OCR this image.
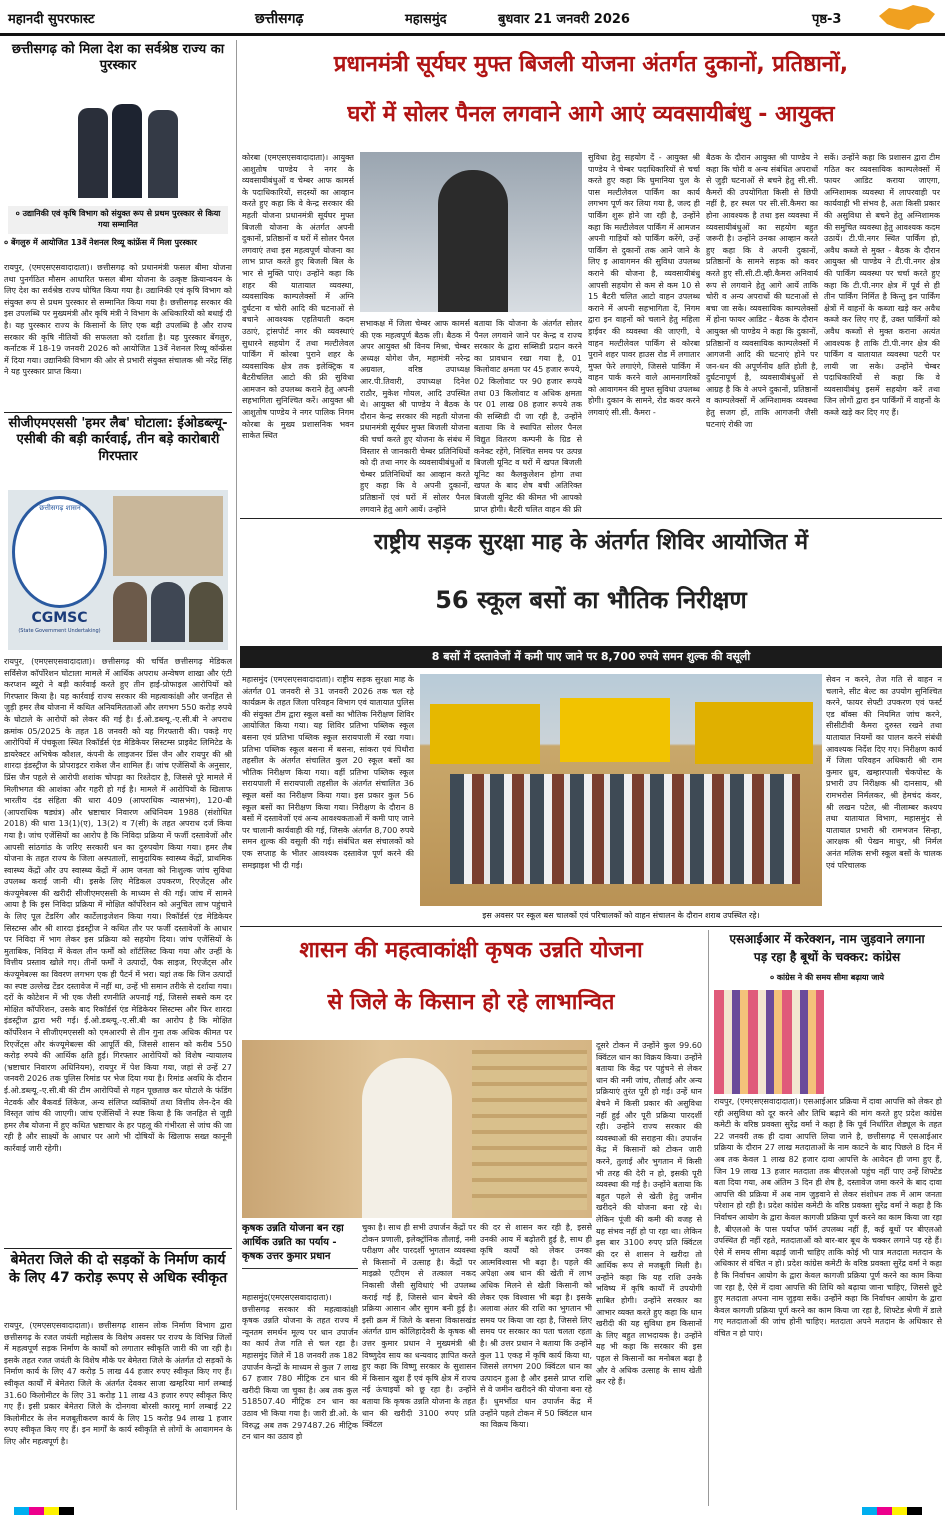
महानदी सुपरफास्ट	छत्तीसगढ़	महासमुंद	बुधवार 21 जनवरी 2026	पृष्ठ-3
छत्तीसगढ़ को मिला देश का सर्वश्रेष्ठ राज्य का पुरस्कार
० उद्यानिकी एवं कृषि विभाग को संयुक्त रूप से प्रथम पुरस्कार से किया गया सम्मानित
० बेंगलुरु में आयोजित 13वें नेशनल रिव्यू कांफ्रेंस में मिला पुरस्कार
रायपुर, (एमएसएसवादादाता)। छत्तीसगढ़ को प्रधानमंत्री फसल बीमा योजना तथा पुनर्गठित मौसम आधारित फसल बीमा योजना के उत्कृष्ट क्रियान्वयन के लिए देश का सर्वश्रेष्ठ राज्य घोषित किया गया है। उद्यानिकी एवं कृषि विभाग को संयुक्त रूप से प्रथम पुरस्कार से सम्मानित किया गया है। छत्तीसगढ़ सरकार की इस उपलब्धि पर मुख्यमंत्री और कृषि मंत्री ने विभाग के अधिकारियों को बधाई दी है। यह पुरस्कार राज्य के किसानों के लिए एक बड़ी उपलब्धि है और राज्य सरकार की कृषि नीतियों की सफलता को दर्शाता है। यह पुरस्कार बेंगलुरु, कर्नाटक में 18-19 जनवरी 2026 को आयोजित 13वें नेशनल रिव्यू कॉन्फ्रेंस में दिया गया। उद्यानिकी विभाग की ओर से प्रभारी संयुक्त संचालक श्री नरेंद्र सिंह ने यह पुरस्कार प्राप्त किया।
सीजीएमएससी 'हमर लैब' घोटाला: ईओडब्ल्यू-एसीबी की बड़ी कार्रवाई, तीन बड़े कारोबारी गिरफ्तार
छत्तीसगढ़ शासन
CGMSC
(State Government Undertaking)
रायपुर, (एमएसएसवादादाता)। छत्तीसगढ़ की चर्चित छत्तीसगढ़ मेडिकल सर्विसेज कॉर्पोरेशन घोटाला मामले में आर्थिक अपराध अन्वेषण शाखा और एंटी करप्शन ब्यूरो ने बड़ी कार्रवाई करते हुए तीन हाई-प्रोफाइल आरोपियों को गिरफ्तार किया है। यह कार्रवाई राज्य सरकार की महत्वाकांक्षी और जनहित से जुड़ी हमर लैब योजना में कथित अनियमितताओं और लगभग 550 करोड़ रुपये के घोटाले के आरोपों को लेकर की गई है। ई.ओ.डब्ल्यू.-ए.सी.बी ने अपराध क्रमांक 05/2025 के तहत 18 जनवरी को यह गिरफ्तारी की। पकड़े गए आरोपियों में पंचकूला स्थित रिकॉर्डर्स एंड मेडिकेयर सिस्टम्स प्राइवेट लिमिटेड के डायरेक्टर अभिषेक कौशल, कंपनी के लाइजनर प्रिंस जैन और रायपुर की श्री शारदा इंडस्ट्रीज के प्रोपराइटर राकेश जैन शामिल हैं। जांच एजेंसियों के अनुसार, प्रिंस जैन पहले से आरोपी शशांक चोपड़ा का रिश्तेदार है, जिससे पूरे मामले में मिलीभगत की आशंका और गहरी हो गई है। मामले में आरोपियों के खिलाफ भारतीय दंड संहिता की धारा 409 (आपराधिक न्यासभंग), 120-बी (आपराधिक षड्यंत्र) और भ्रष्टाचार निवारण अधिनियम 1988 (संशोधित 2018) की धारा 13(1)(ए), 13(2) व 7(सी) के तहत अपराध दर्ज किया गया है। जांच एजेंसियों का आरोप है कि निविदा प्रक्रिया में फर्जी दस्तावेजों और आपसी सांठगांठ के जरिए सरकारी धन का दुरुपयोग किया गया। हमर लैब योजना के तहत राज्य के जिला अस्पतालों, सामुदायिक स्वास्थ्य केंद्रों, प्राथमिक स्वास्थ्य केंद्रों और उप स्वास्थ्य केंद्रों में आम जनता को निःशुल्क जांच सुविधा उपलब्ध कराई जानी थी। इसके लिए मेडिकल उपकरण, रिएजेंट्स और कंज्यूमेबल्स की खरीदी सीजीएमएससी के माध्यम से की गई। जांच में सामने आया है कि इस निविदा प्रक्रिया में मोक्षित कॉर्पोरेशन को अनुचित लाभ पहुंचाने के लिए पूल टेंडरिंग और कार्टेलाइजेशन किया गया। रिकॉर्डर्स एंड मेडिकेयर सिस्टम्स और श्री शारदा इंडस्ट्रीज ने कथित तौर पर फर्जी दस्तावेजों के आधार पर निविदा में भाग लेकर इस प्रक्रिया को सहयोग दिया। जांच एजेंसियों के मुताबिक, निविदा में केवल तीन फर्मों को शॉर्टलिस्ट किया गया और उन्हीं के वित्तीय प्रस्ताव खोले गए। तीनों फर्मों ने उत्पादों, पैक साइज, रिएजेंट्स और कंज्यूमेबल्स का विवरण लगभग एक ही पैटर्न में भरा। यहां तक कि जिन उत्पादों का स्पष्ट उल्लेख टेंडर दस्तावेज में नहीं था, उन्हें भी समान तरीके से दर्शाया गया। दरों के कोटेशन में भी एक जैसी रणनीति अपनाई गई, जिससे सबसे कम दर मोक्षित कॉर्पोरेशन, उसके बाद रिकॉर्डर्स एंड मेडिकेयर सिस्टम्स और फिर शारदा इंडस्ट्रीज द्वारा भरी गई। ई.ओ.डब्ल्यू.-ए.सी.बी का आरोप है कि मोक्षित कॉर्पोरेशन ने सीजीएमएससी को एमआरपी से तीन गुना तक अधिक कीमत पर रिएजेंट्स और कंज्यूमेबल्स की आपूर्ति की, जिससे शासन को करीब 550 करोड़ रुपये की आर्थिक क्षति हुई। गिरफ्तार आरोपियों को विशेष न्यायालय (भ्रष्टाचार निवारण अधिनियम), रायपुर में पेश किया गया, जहां से उन्हें 27 जनवरी 2026 तक पुलिस रिमांड पर भेज दिया गया है। रिमांड अवधि के दौरान ई.ओ.डब्ल्यू.-ए.सी.बी की टीम आरोपियों से गहन पूछताछ कर घोटाले के फंडिंग नेटवर्क और बैकवर्ड लिंकेज, अन्य संलिप्त व्यक्तियों तथा वित्तीय लेन-देन की विस्तृत जांच की जाएगी। जांच एजेंसियों ने स्पष्ट किया है कि जनहित से जुड़ी हमर लैब योजना में हुए कथित भ्रष्टाचार के हर पहलू की गंभीरता से जांच की जा रही है और साक्ष्यों के आधार पर आगे भी दोषियों के खिलाफ सख्त कानूनी कार्रवाई जारी रहेगी।
बेमेतरा जिले की दो सड़कों के निर्माण कार्य के लिए 47 करोड़ रूपए से अधिक स्वीकृत
रायपुर, (एमएसएसवादादाता)। छत्तीसगढ़ शासन लोक निर्माण विभाग द्वारा छत्तीसगढ़ के रजत जयंती महोत्सव के विशेष अवसर पर राज्य के विभिन्न जिलों में महत्वपूर्ण सड़क निर्माण के कार्यों को लगातार स्वीकृति जारी की जा रही है। इसके तहत रजत जयंती के विशेष मौके पर बेमेतरा जिले के अंतर्गत दो सड़कों के निर्माण कार्य के लिए 47 करोड़ 5 लाख 44 हजार रुपए स्वीकृत किए गए हैं। स्वीकृत कार्यों में बेमेतरा जिले के अंतर्गत देवकर साजा खम्हरिया मार्ग लम्बाई 31.60 किलोमीटर के लिए 31 करोड़ 11 लाख 43 हजार रुपए स्वीकृत किए गए हैं। इसी प्रकार बेमेतरा जिले के दोनगवा बोरसी कारमू मार्ग लम्बाई 22 किलोमीटर के लेन मजबूतीकरण कार्य के लिए 15 करोड़ 94 लाख 1 हजार रुपए स्वीकृत किए गए हैं। इन मार्गों के कार्य स्वीकृति से लोगों के आवागमन के लिए और महत्वपूर्ण है।
प्रधानमंत्री सूर्यघर मुफ्त बिजली योजना अंतर्गत दुकानों, प्रतिष्ठानों,
घरों में सोलर पैनल लगवाने आगे आएं व्यवसायीबंधु - आयुक्त
कोरबा (एमएसएसवादादाता)। आयुक्त आशुतोष पाण्डेय ने नगर के व्यवसायीबंधुओं व चेम्बर आफ कामर्स के पदाधिकारियों, सदस्यों का आव्हान करते हुए कहा कि वे केन्द्र सरकार की महती योजना प्रधानमंत्री सूर्यघर मुफ्त बिजली योजना के अंतर्गत अपनी दुकानों, प्रतिष्ठानों व घरों में सोलर पैनल लगवाएं तथा इस महत्वपूर्ण योजना का लाभ प्राप्त करते हुए बिजली बिल के भार से मुक्ति पाएं। उन्होंने कहा कि शहर की यातायात व्यवस्था, व्यवसायिक काम्पलेक्सों में अग्नि दुर्घटना व चोरी आदि की घटनाओं से बचाने आवश्यक एहतियाती कदम उठाएं, ट्रांसपोर्ट नगर की व्यवस्थाएं सुधारने सहयोग दें तथा मल्टीलेवल पार्किंग में कोरबा पुराने शहर के व्यवसायिक क्षेत्र तक इलेक्ट्रिक व बैटरीचलित आटो की फ्री सुविधा आमजन को उपलब्ध कराने हेतु अपनी सहभागिता सुनिश्चित करें। आयुक्त श्री आशुतोष पाण्डेय ने नगर पालिक निगम कोरबा के मुख्य प्रशासनिक भवन साकेत स्थित
सभाकक्ष में जिला चेम्बर आफ कामर्स की एक महत्वपूर्ण बैठक ली। बैठक में अपर आयुक्त श्री विनय मिश्रा, चेम्बर अध्यक्ष योगेश जैन, महामंत्री नरेन्द्र अग्रवाल, वरिष्ठ उपाध्यक्ष आर.पी.तिवारी, उपाध्यक्ष दिनेश राठौर, मुकेश गोयल, आदि उपस्थित थे। आयुक्त श्री पाण्डेय ने बैठक के दौरान केन्द्र सरकार की महती योजना प्रधानमंत्री सूर्यघर मुफ्त बिजली योजना की चर्चा करते हुए योजना के संबंध में विस्तार से जानकारी चेम्बर प्रतिनिधियों को दी तथा नगर के व्यवसायीबंधुओं व चेम्बर प्रतिनिधियों का आव्हान करते हुए कहा कि वे अपनी दुकानों, प्रतिष्ठानों एवं घरों में सोलर पैनल लगवाने हेतु आगे आयें। उन्होंने
बताया कि योजना के अंतर्गत सोलर पैनल लगवाने जाने पर केन्द्र व राज्य सरकार के द्वारा सब्सिडी प्रदान करने का प्रावधान रखा गया है, 01 किलोवाट क्षमता पर 45 हजार रूपये, 02 किलोवाट पर 90 हजार रूपये तथा 03 किलोवाट व अधिक क्षमता पर 01 लाख 08 हजार रूपये तक की सब्सिडी दी जा रही है, उन्होंने बताया कि वे स्थापित सोलर पैनल विद्युत वितरण कम्पनी के ग्रिड से कनेक्ट रहेंगे, निश्चित समय पर उत्पन्न बिजली यूनिट व घरों में खपत बिजली यूनिट का कैलकुलेशन होगा तथा खपत के बाद शेष बची अतिरिक्त बिजली यूनिट की कीमत भी आपको प्राप्त होगी। बैटरी चलित वाहन की फ्री
सुविधा हेतु सहयोग दें - आयुक्त श्री पाण्डेय ने चेम्बर पदाधिकारियों से चर्चा करते हुए कहा कि घुमानिया पुल के पास मल्टीलेवल पार्किंग का कार्य लगभग पूर्ण कर लिया गया है, जल्द ही पार्किंग शुरू होने जा रही है, उन्होंने कहा कि मल्टीलेवल पार्किंग में आमजन अपनी गाड़ियों को पार्किंग करेंगे, उन्हें पार्किंग से दुकानों तक आने जाने के लिए इ आवागमन की सुविधा उपलब्ध कराने की योजना है, व्यवसायीबंधु आपसी सहयोग से कम से कम 10 से 15 बैटरी चलित आटो वाहन उपलब्ध कराने में अपनी सहभागिता दें, निगम द्वारा इन वाहनों को चलाने हेतु महिला ड्राईवर की व्यवस्था की जाएगी, ये वाहन मल्टीलेवल पार्किंग से कोरबा पुराने शहर पावर हाउस रोड में लगातार मुफ्त फेरे लगाएंगे, जिससे पार्किंग में वाहन पार्क करने वाले आमनागरिकों को आवागमन की मुफ्त सुविधा उपलब्ध होगी। दुकान के सामने, रोड कवर करने लगवाएं सी.सी. कैमरा -
बैठक के दौरान आयुक्त श्री पाण्डेय ने कहा कि चोरी व अन्य संबंधित अपराधों से जुड़ी घटनाओं से बचने हेतु सी.सी. कैमरों की उपयोगिता किसी से छिपी नहीं है, हर स्थल पर सी.सी.कैमरा का होना आवश्यक है तथा इस व्यवस्था में व्यवसायीबंधुओं का सहयोग बहुत जरूरी है। उन्होंने उनका आव्हान करते हुए कहा कि वे अपनी दुकानों, प्रतिष्ठानों के सामने सड़क को कवर करते हुए सी.सी.टी.व्ही.कैमरा अनिवार्य रूप से लगवाने हेतु आगे आयें ताकि चोरी व अन्य अपराधों की घटनाओं से बचा जा सके। व्यवसायिक काम्पलेक्सों में होना फायर आडिट - बैठक के दौरान आयुक्त श्री पाण्डेय ने कहा कि दुकानों, प्रतिष्ठानों व व्यवसायिक काम्पलेक्सों में आगजनी आदि की घटनाएं होने पर जन-धन की अपूर्णनीय क्षति होती है, दुर्घटनापूर्ण है, व्यवसायीबंधुओं से आग्रह है कि वे अपने दुकानों, प्रतिष्ठानों व काम्पलेक्सों में अग्निशामक व्यवस्था हेतु सजग हों, ताकि आगजनी जैसी घटनाएं रोकी जा
सकें। उन्होंने कहा कि प्रशासन द्वारा टीम गठित कर व्यवसायिक काम्पलेक्सों में फायर आडिट कराया जाएगा, अग्निशामक व्यवस्था में लापरवाही पर कार्यवाही भी संभव है, अतः किसी प्रकार की असुविधा से बचने हेतु अग्निशामक की समुचित व्यवस्था हेतु आवश्यक कदम उठायें। टी.पी.नगर स्थित पार्किंग हो, अवैध कब्जे से मुक्त - बैठक के दौरान आयुक्त श्री पाण्डेय ने टी.पी.नगर क्षेत्र की पार्किंग व्यवस्था पर चर्चा करते हुए कहा कि टी.पी.नगर क्षेत्र में पूर्व से ही तीन पार्किंग निर्मित है किन्तु इन पार्किंग क्षेत्रों में वाहनों के कब्जा खड़े कर अवैध कब्जे कर लिए गए हैं, उक्त पार्किंगों को अवैध कब्जों से मुक्त कराना अत्यंत आवश्यक है ताकि टी.पी.नगर क्षेत्र की पार्किंग व यातायात व्यवस्था पटरी पर लायी जा सके। उन्होंने चेम्बर पदाधिकारियों से कहा कि वे व्यवसायीबंधु इसमें सहयोग करें तथा जिन लोगों द्वारा इन पार्किंगों में वाहनों के कब्जे खड़े कर दिए गए हैं।
राष्ट्रीय सड़क सुरक्षा माह के अंतर्गत शिविर आयोजित में
56 स्कूल बसों का भौतिक निरीक्षण
8 बसों में दस्तावेजों में कमी पाए जाने पर 8,700 रुपये समन शुल्क की वसूली
महासमुंद (एमएसएसवादादाता)। राष्ट्रीय सड़क सुरक्षा माह के अंतर्गत 01 जनवरी से 31 जनवरी 2026 तक चल रहे कार्यक्रम के तहत जिला परिवहन विभाग एवं यातायात पुलिस की संयुक्त टीम द्वारा स्कूल बसों का भौतिक निरीक्षण शिविर आयोजित किया गया। यह शिविर प्रतिभा पब्लिक स्कूल बसना एवं प्रतिभा पब्लिक स्कूल सरायपाली में रखा गया। प्रतिभा पब्लिक स्कूल बसना में बसना, सांकरा एवं पिथौरा तहसील के अंतर्गत संचालित कुल 20 स्कूल बसों का भौतिक निरीक्षण किया गया। वहीं प्रतिभा पब्लिक स्कूल सरायपाली में सरायपाली तहसील के अंतर्गत संचालित 36 स्कूल बसों का निरीक्षण किया गया। इस प्रकार कुल 56 स्कूल बसों का निरीक्षण किया गया। निरीक्षण के दौरान 8 बसों में दस्तावेजों एवं अन्य आवश्यकताओं में कमी पाए जाने पर चालानी कार्यवाही की गई, जिसके अंतर्गत 8,700 रुपये समन शुल्क की वसूली की गई। संबंधित बस संचालकों को एक सप्ताह के भीतर आवश्यक दस्तावेज पूर्ण करने की समझाइश भी दी गई।
इस अवसर पर स्कूल बस चालकों एवं परिचालकों को वाहन संचालन के दौरान शराब उपस्थित रहे।
सेवन न करने, तेज गति से वाहन न चलाने, सीट बेल्ट का उपयोग सुनिश्चित करने, फायर सेफ्टी उपकरण एवं फर्स्ट एड बॉक्स की नियमित जांच करने, सीसीटीवी कैमरा दुरुस्त रखने तथा यातायात नियमों का पालन करने संबंधी आवश्यक निर्देश दिए गए। निरीक्षण कार्य में जिला परिवहन अधिकारी श्री राम कुमार ध्रुव, खम्हारपाली चेकपोस्ट के प्रभारी उप निरीक्षक श्री दानसाय, श्री रामभरोस निर्मलकर, श्री हेमचंद कंवर, श्री लखन पटेल, श्री नीलाम्बर कश्यप तथा यातायात विभाग, महासमुंद से यातायात प्रभारी श्री रामभजन सिन्हा, आरक्षक श्री पेखन माथुर, श्री निर्मल अनंत मलिक सभी स्कूल बसों के चालक एवं परिचालक
शासन की महत्वाकांक्षी कृषक उन्नति योजना
से जिले के किसान हो रहे लाभान्वित
कृषक उन्नति योजना बन रहा आर्थिक उन्नति का पर्याय - कृषक उत्तर कुमार प्रधान
महासमुंद(एमएसएसवादादाता)। छत्तीसगढ़ सरकार की महत्वाकांक्षी कृषक उन्नति योजना के तहत राज्य में न्यूनतम समर्थन मूल्य पर धान उपार्जन का कार्य तेज गति से चल रहा है। महासमुंद जिले में 18 जनवरी तक 182 उपार्जन केन्द्रों के माध्यम से कुल 7 लाख 67 हजार 780 मीट्रिक टन धान की खरीदी किया जा चुका है। अब तक कुल 518507.40 मीट्रिक टन धान का उठाव भी किया गया है। जारी डी.ओ. के विरुद्ध अब तक 297487.26 मीट्रिक टन धान का उठाव हो
चुका है। साथ ही सभी उपार्जन केंद्रों पर टोकन प्रणाली, इलेक्ट्रॉनिक तौलाई, नमी परीक्षण और पारदर्शी भुगतान व्यवस्था से किसानों में उत्साह है। केंद्रों पर माइक्रो एटीएम से तत्काल नकद निकासी जैसी सुविधाएं भी उपलब्ध कराई गई हैं, जिससे धान बेचने की प्रक्रिया आसान और सुगम बनी हुई है। इसी क्रम में जिले के बसना विकासखंड अंतर्गत ग्राम कोलिहादेवरी के कृषक श्री उत्तर कुमार प्रधान ने मुख्यमंत्री श्री विष्णुदेव साय का धन्यवाद ज्ञापित करते हुए कहा कि विष्णु सरकार के सुशासन में किसान खुश हैं एवं कृषि क्षेत्र में राज्य नई ऊंचाइयों को छू रहा है। उन्होंने बताया कि कृषक उन्नति योजना के तहत धान की खरीदी 3100 रुपए प्रति क्विंटल
की दर से शासन कर रही है, इससे उनकी आय में बढ़ोतरी हुई है, साथ ही कृषि कार्यों को लेकर उनका आत्मविश्वास भी बढ़ा है। पहले की अपेक्षा अब धान की खेती में लाभ अधिक मिलने से खेती किसानी को लेकर एक विश्वास भी बढ़ा है। इसके अलावा अंतर की राशि का भुगतान भी समय पर किया जा रहा है, जिससे लिए समय पर सरकार का पता चलता रहता है। श्री उत्तर प्रधान ने बताया कि उन्होंने कुल 11 एकड़ में कृषि कार्य किया था, जिससे लगभग 200 क्विंटल धान का उत्पादन हुआ है और इससे प्राप्त राशि से वे जमीन खरीदने की योजना बना रहे हैं। धुमभाँठा धान उपार्जन केंद्र में उन्होंने पहले टोकन में 50 क्विंटल धान का विक्रय किया।
दूसरे टोकन में उन्होंने कुल 99.60 क्विंटल धान का विक्रय किया। उन्होंने बताया कि केंद्र पर पहुंचने से लेकर धान की नमी जांच, तौलाई और अन्य प्रक्रियाएं तुरंत पूरी हो गई। उन्हें धान बेचने में किसी प्रकार की असुविधा नहीं हुई और पूरी प्रक्रिया पारदर्शी रही। उन्होंने राज्य सरकार की व्यवस्थाओं की सराहना की। उपार्जन केंद्र में किसानों को टोकन जारी करने, तुलाई और भुगतान में किसी भी तरह की देरी न हो, इसकी पूरी व्यवस्था की गई है। उन्होंने बताया कि बहुत पहले से खेती हेतु जमीन खरीदने की योजना बना रहे थे। लेकिन पूंजी की कमी की वजह से यह संभव नहीं हो पा रहा था। लेकिन इस बार 3100 रुपए प्रति क्विंटल की दर से शासन ने खरीदा तो आर्थिक रूप से मजबूती मिली है। उन्होंने कहा कि यह राशि उनके भविष्य में कृषि कार्यों में उपयोगी साबित होगी। उन्होंने सरकार का आभार व्यक्त करते हुए कहा कि धान खरीदी की यह सुविधा हम किसानों के लिए बहुत लाभदायक है। उन्होंने यह भी कहा कि सरकार की इस पहल से किसानों का मनोबल बढ़ा है और वे अधिक उत्साह के साथ खेती कर रहे हैं।
एसआईआर में करेक्शन, नाम जुड़वाने लगाना
पड़ रहा है बूथों के चक्कर: कांग्रेस
० कांग्रेस ने की समय सीमा बढ़ाया जाये
रायपुर, (एमएसएसवादादाता)। एसआईआर प्रक्रिया में दावा आपत्ति को लेकर हो रही असुविधा को दूर करने और तिथि बढ़ाने की मांग करते हुए प्रदेश कांग्रेस कमेटी के वरिष्ठ प्रवक्ता सुरेंद्र वर्मा ने कहा है कि पूर्व निर्धारित शेड्यूल के तहत 22 जनवरी तक ही दावा आपत्ति लिया जाने है, छत्तीसगढ़ में एसआईआर प्रक्रिया के दौरान 27 लाख मतदाताओं के नाम काटने के बाद पिछले 8 दिन में अब तक केवल 1 लाख 82 हजार दावा आपत्ति के आवेदन ही जमा हुए हैं, जिन 19 लाख 13 हजार मतदाता तक बीएलओ पहुंच नहीं पाए उन्हें शिफ्टेड बता दिया गया, अब अंतिम 3 दिन ही शेष है, दस्तावेज जमा करने के बाद दावा आपत्ति की प्रक्रिया में अब नाम जुड़वाने से लेकर संशोधन तक में आम जनता परेशान हो रही है। प्रदेश कांग्रेस कमेटी के वरिष्ठ प्रवक्ता सुरेंद्र वर्मा ने कहा है कि निर्वाचन आयोग के द्वारा केवल कागजी प्रक्रिया पूर्ण करने का काम किया जा रहा है, बीएलओ के पास पर्याप्त फॉर्म उपलब्ध नहीं हैं, कई बूथों पर बीएलओ उपस्थित ही नहीं रहते, मतदाताओं को बार-बार बूथ के चक्कर लगाने पड़ रहे हैं। ऐसे में समय सीमा बढ़ाई जानी चाहिए ताकि कोई भी पात्र मतदाता मतदान के अधिकार से वंचित न हो। प्रदेश कांग्रेस कमेटी के वरिष्ठ प्रवक्ता सुरेंद्र वर्मा ने कहा है कि निर्वाचन आयोग के द्वारा केवल कागजी प्रक्रिया पूर्ण करने का काम किया जा रहा है, ऐसे में दावा आपत्ति की तिथि को बढ़ाया जाना चाहिए, जिससे छूटे हुए मतदाता अपना नाम जुड़वा सकें। उन्होंने कहा कि निर्वाचन आयोग के द्वारा केवल कागजी प्रक्रिया पूर्ण करने का काम किया जा रहा है, शिफ्टेड श्रेणी में डाले गए मतदाताओं की जांच होनी चाहिए। मतदाता अपने मतदान के अधिकार से वंचित न हो पाएं।
